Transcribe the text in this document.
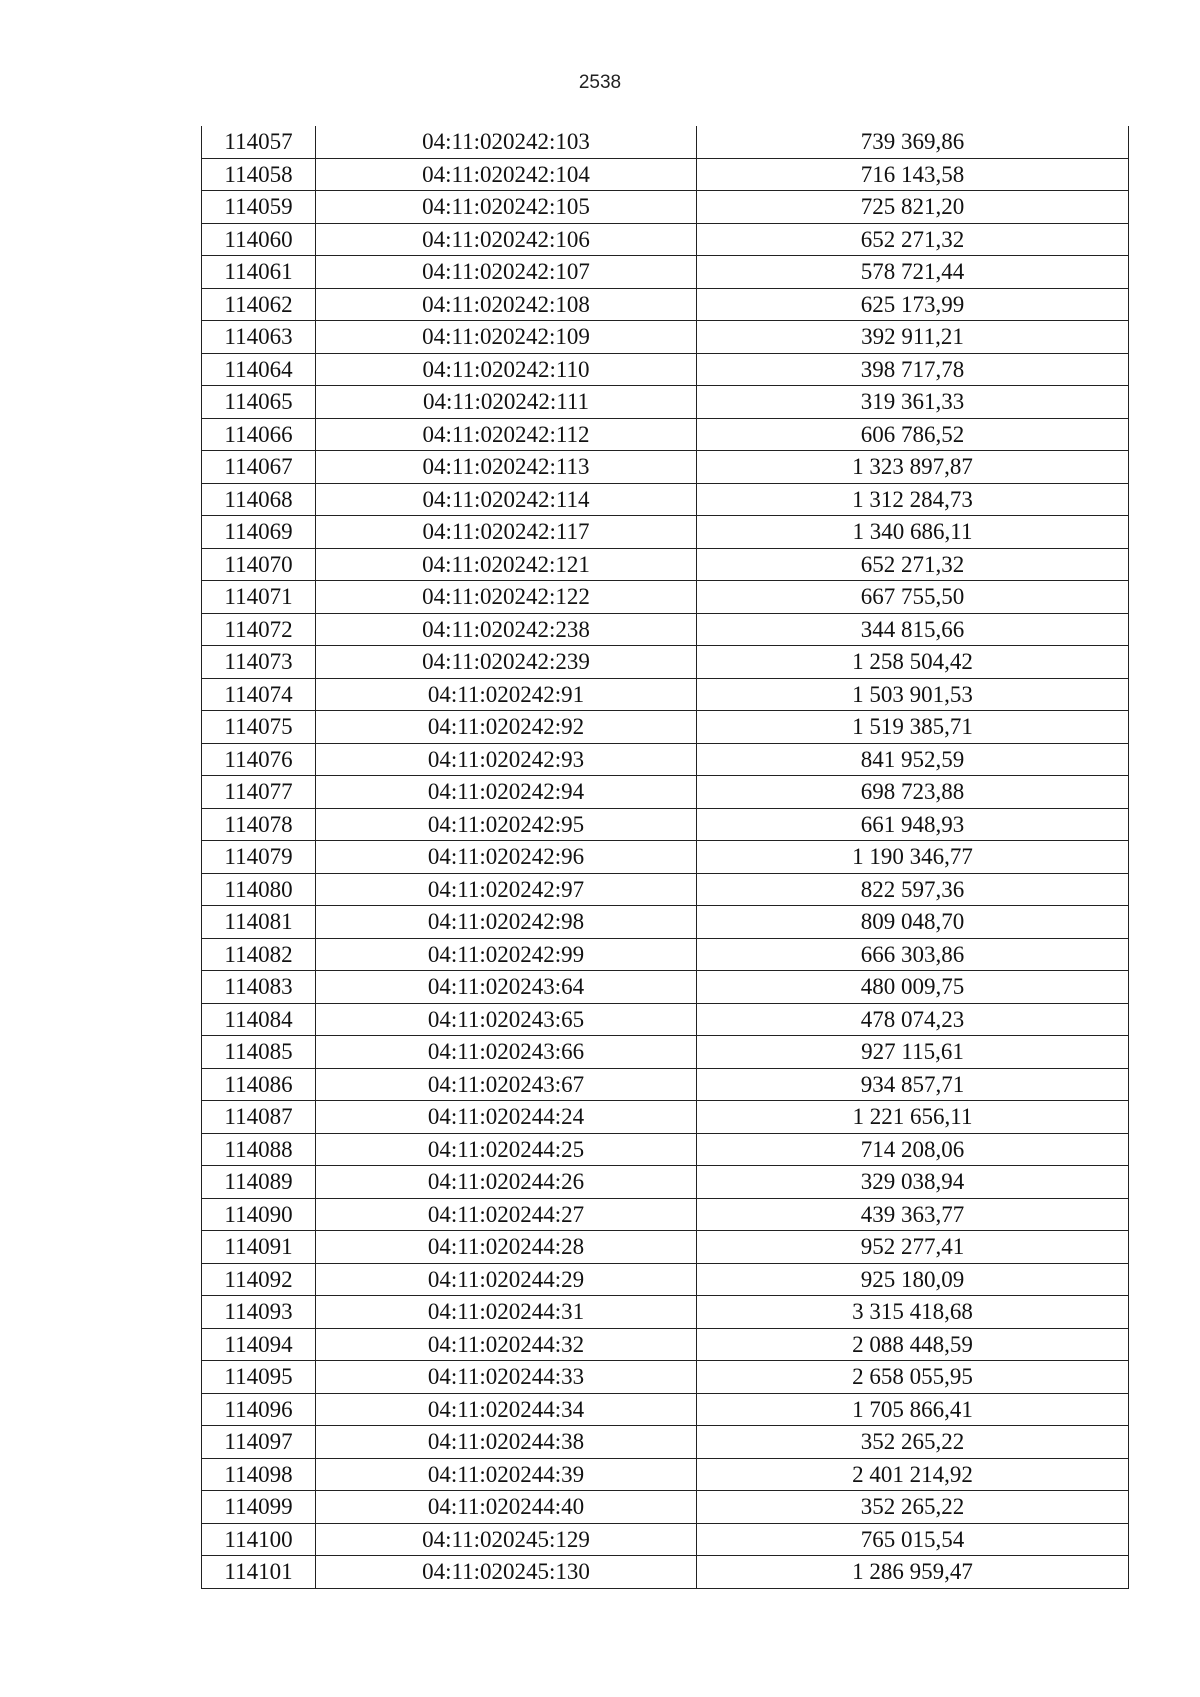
2538
114057	04:11:020242:103	739 369,86
114058	04:11:020242:104	716 143,58
114059	04:11:020242:105	725 821,20
114060	04:11:020242:106	652 271,32
114061	04:11:020242:107	578 721,44
114062	04:11:020242:108	625 173,99
114063	04:11:020242:109	392 911,21
114064	04:11:020242:110	398 717,78
114065	04:11:020242:111	319 361,33
114066	04:11:020242:112	606 786,52
114067	04:11:020242:113	1 323 897,87
114068	04:11:020242:114	1 312 284,73
114069	04:11:020242:117	1 340 686,11
114070	04:11:020242:121	652 271,32
114071	04:11:020242:122	667 755,50
114072	04:11:020242:238	344 815,66
114073	04:11:020242:239	1 258 504,42
114074	04:11:020242:91	1 503 901,53
114075	04:11:020242:92	1 519 385,71
114076	04:11:020242:93	841 952,59
114077	04:11:020242:94	698 723,88
114078	04:11:020242:95	661 948,93
114079	04:11:020242:96	1 190 346,77
114080	04:11:020242:97	822 597,36
114081	04:11:020242:98	809 048,70
114082	04:11:020242:99	666 303,86
114083	04:11:020243:64	480 009,75
114084	04:11:020243:65	478 074,23
114085	04:11:020243:66	927 115,61
114086	04:11:020243:67	934 857,71
114087	04:11:020244:24	1 221 656,11
114088	04:11:020244:25	714 208,06
114089	04:11:020244:26	329 038,94
114090	04:11:020244:27	439 363,77
114091	04:11:020244:28	952 277,41
114092	04:11:020244:29	925 180,09
114093	04:11:020244:31	3 315 418,68
114094	04:11:020244:32	2 088 448,59
114095	04:11:020244:33	2 658 055,95
114096	04:11:020244:34	1 705 866,41
114097	04:11:020244:38	352 265,22
114098	04:11:020244:39	2 401 214,92
114099	04:11:020244:40	352 265,22
114100	04:11:020245:129	765 015,54
114101	04:11:020245:130	1 286 959,47
